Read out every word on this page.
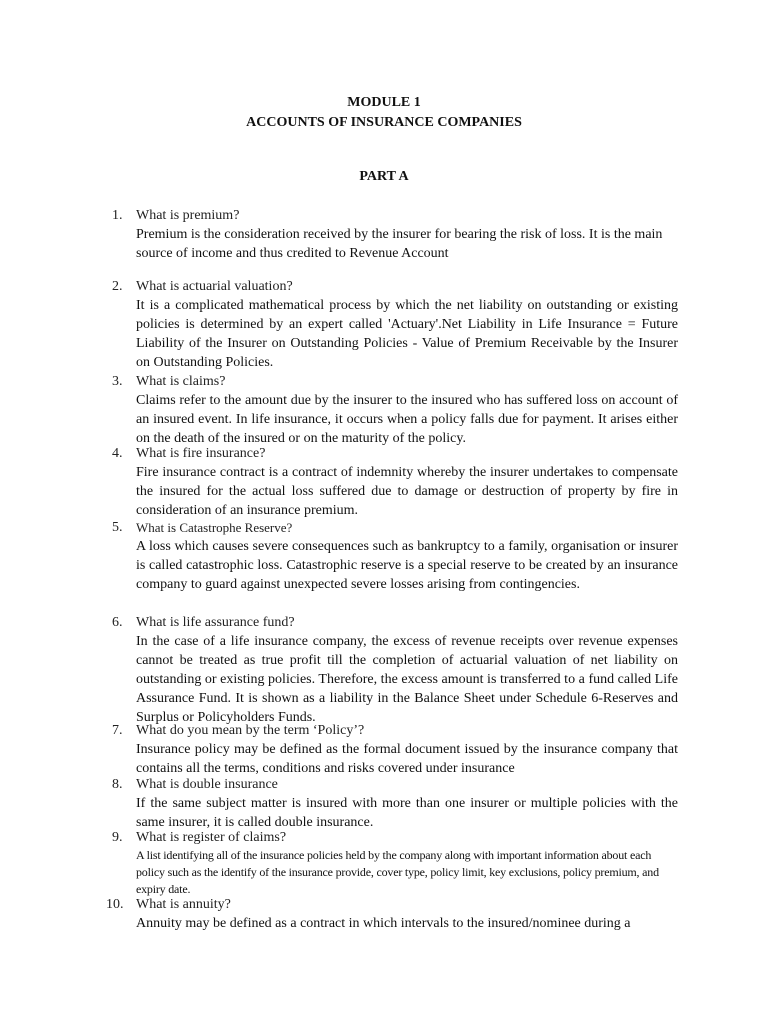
MODULE 1
ACCOUNTS OF INSURANCE COMPANIES
PART A
1. What is premium?
Premium is the consideration received by the insurer for bearing the risk of loss. It is the main source of income and thus credited to Revenue Account
2. What is actuarial valuation?
It is a complicated mathematical process by which the net liability on outstanding or existing policies is determined by an expert called 'Actuary'.Net Liability in Life Insurance = Future Liability of the Insurer on Outstanding Policies - Value of Premium Receivable by the Insurer on Outstanding Policies.
3. What is claims?
Claims refer to the amount due by the insurer to the insured who has suffered loss on account of an insured event. In life insurance, it occurs when a policy falls due for payment. It arises either on the death of the insured or on the maturity of the policy.
4. What is fire insurance?
Fire insurance contract is a contract of indemnity whereby the insurer undertakes to compensate the insured for the actual loss suffered due to damage or destruction of property by fire in consideration of an insurance premium.
5. What is Catastrophe Reserve?
A loss which causes severe consequences such as bankruptcy to a family, organisation or insurer is called catastrophic loss. Catastrophic reserve is a special reserve to be created by an insurance company to guard against unexpected severe losses arising from contingencies.
6. What is life assurance fund?
In the case of a life insurance company, the excess of revenue receipts over revenue expenses cannot be treated as true profit till the completion of actuarial valuation of net liability on outstanding or existing policies. Therefore, the excess amount is transferred to a fund called Life Assurance Fund. It is shown as a liability in the Balance Sheet under Schedule 6-Reserves and Surplus or Policyholders Funds.
7. What do you mean by the term ‘Policy’?
Insurance policy may be defined as the formal document issued by the insurance company that contains all the terms, conditions and risks covered under insurance
8. What is double insurance
If the same subject matter is insured with more than one insurer or multiple policies with the same insurer, it is called double insurance.
9. What is register of claims?
A list identifying all of the insurance policies held by the company along with important information about each policy such as the identify of the insurance provide, cover type, policy limit, key exclusions, policy premium, and expiry date.
10. What is annuity?
Annuity may be defined as a contract in which intervals to the insured/nominee during a
